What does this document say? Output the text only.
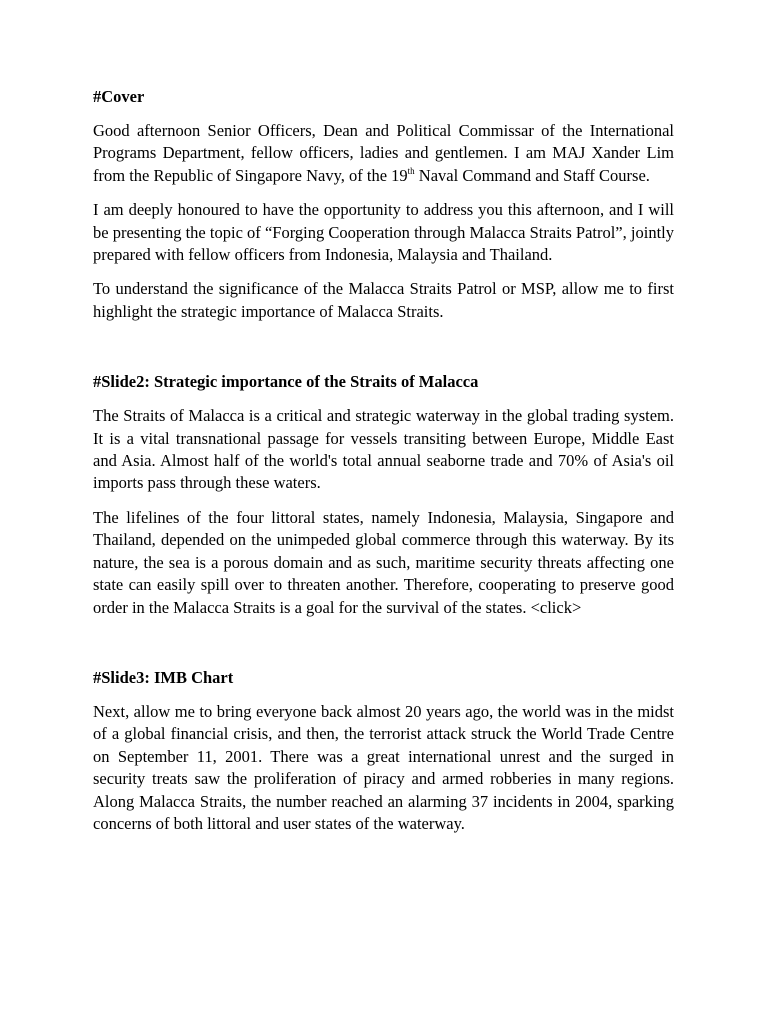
#Cover

Good afternoon Senior Officers, Dean and Political Commissar of the International Programs Department, fellow officers, ladies and gentlemen. I am MAJ Xander Lim from the Republic of Singapore Navy, of the 19th Naval Command and Staff Course.

I am deeply honoured to have the opportunity to address you this afternoon, and I will be presenting the topic of “Forging Cooperation through Malacca Straits Patrol”, jointly prepared with fellow officers from Indonesia, Malaysia and Thailand.

To understand the significance of the Malacca Straits Patrol or MSP, allow me to first highlight the strategic importance of Malacca Straits.

#Slide2: Strategic importance of the Straits of Malacca

The Straits of Malacca is a critical and strategic waterway in the global trading system. It is a vital transnational passage for vessels transiting between Europe, Middle East and Asia. Almost half of the world's total annual seaborne trade and 70% of Asia's oil imports pass through these waters.

The lifelines of the four littoral states, namely Indonesia, Malaysia, Singapore and Thailand, depended on the unimpeded global commerce through this waterway. By its nature, the sea is a porous domain and as such, maritime security threats affecting one state can easily spill over to threaten another. Therefore, cooperating to preserve good order in the Malacca Straits is a goal for the survival of the states. <click>

#Slide3: IMB Chart

Next, allow me to bring everyone back almost 20 years ago, the world was in the midst of a global financial crisis, and then, the terrorist attack struck the World Trade Centre on September 11, 2001. There was a great international unrest and the surged in security treats saw the proliferation of piracy and armed robberies in many regions. Along Malacca Straits, the number reached an alarming 37 incidents in 2004, sparking concerns of both littoral and user states of the waterway.
